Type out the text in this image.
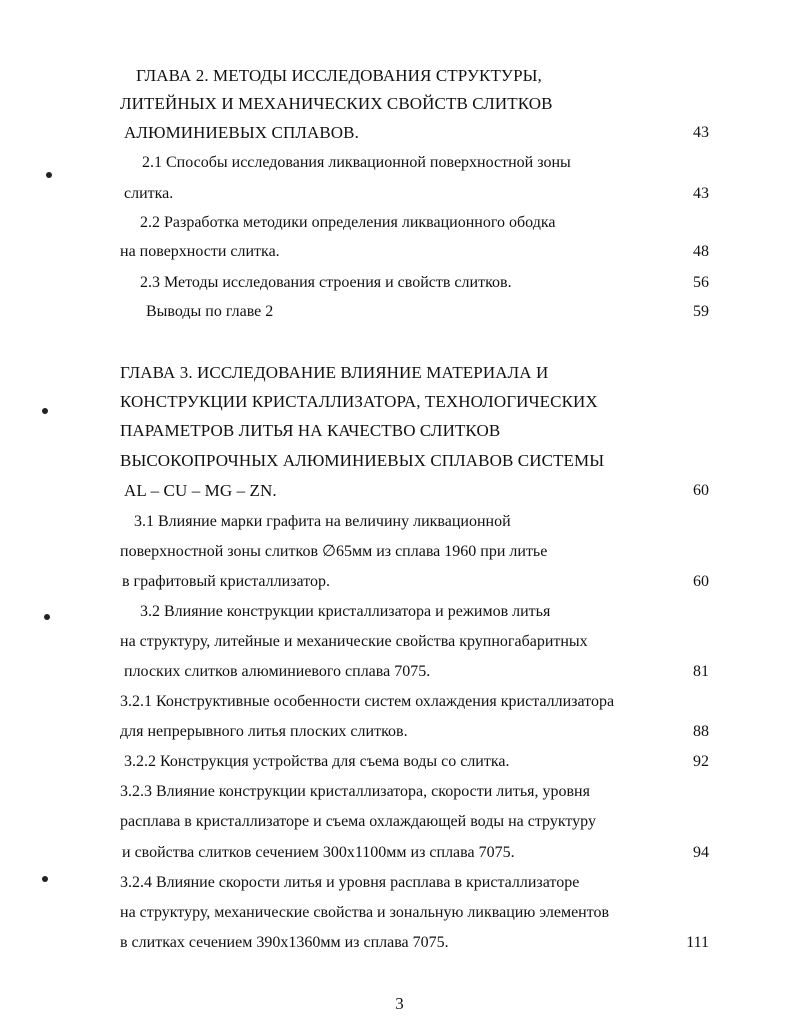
ГЛАВА 2. МЕТОДЫ ИССЛЕДОВАНИЯ СТРУКТУРЫ,
ЛИТЕЙНЫХ И МЕХАНИЧЕСКИХ СВОЙСТВ СЛИТКОВ
АЛЮМИНИЕВЫХ СПЛАВОВ.	43
2.1 Способы исследования ликвационной поверхностной зоны
слитка.	43
2.2 Разработка методики определения ликвационного ободка
на поверхности слитка.	48
2.3 Методы исследования строения и свойств слитков.	56
Выводы по главе 2	59
ГЛАВА 3. ИССЛЕДОВАНИЕ ВЛИЯНИЕ МАТЕРИАЛА И
КОНСТРУКЦИИ КРИСТАЛЛИЗАТОРА, ТЕХНОЛОГИЧЕСКИХ
ПАРАМЕТРОВ ЛИТЬЯ НА КАЧЕСТВО СЛИТКОВ
ВЫСОКОПРОЧНЫХ АЛЮМИНИЕВЫХ СПЛАВОВ СИСТЕМЫ
AL – CU – MG – ZN.	60
3.1 Влияние марки графита на величину ликвационной
поверхностной зоны слитков ∅65мм из сплава 1960 при литье
в графитовый кристаллизатор.	60
3.2 Влияние конструкции кристаллизатора и режимов литья
на структуру, литейные и механические свойства крупногабаритных
плоских слитков алюминиевого сплава 7075.	81
3.2.1 Конструктивные особенности систем охлаждения кристаллизатора
для непрерывного литья плоских слитков.	88
3.2.2 Конструкция устройства для съема воды со слитка.	92
3.2.3 Влияние конструкции кристаллизатора, скорости литья, уровня
расплава в кристаллизаторе и съема охлаждающей воды на структуру
и свойства слитков сечением 300х1100мм из сплава 7075.	94
3.2.4 Влияние скорости литья и уровня расплава в кристаллизаторе
на структуру, механические свойства и зональную ликвацию элементов
в слитках сечением 390х1360мм из сплава 7075.	111
3
